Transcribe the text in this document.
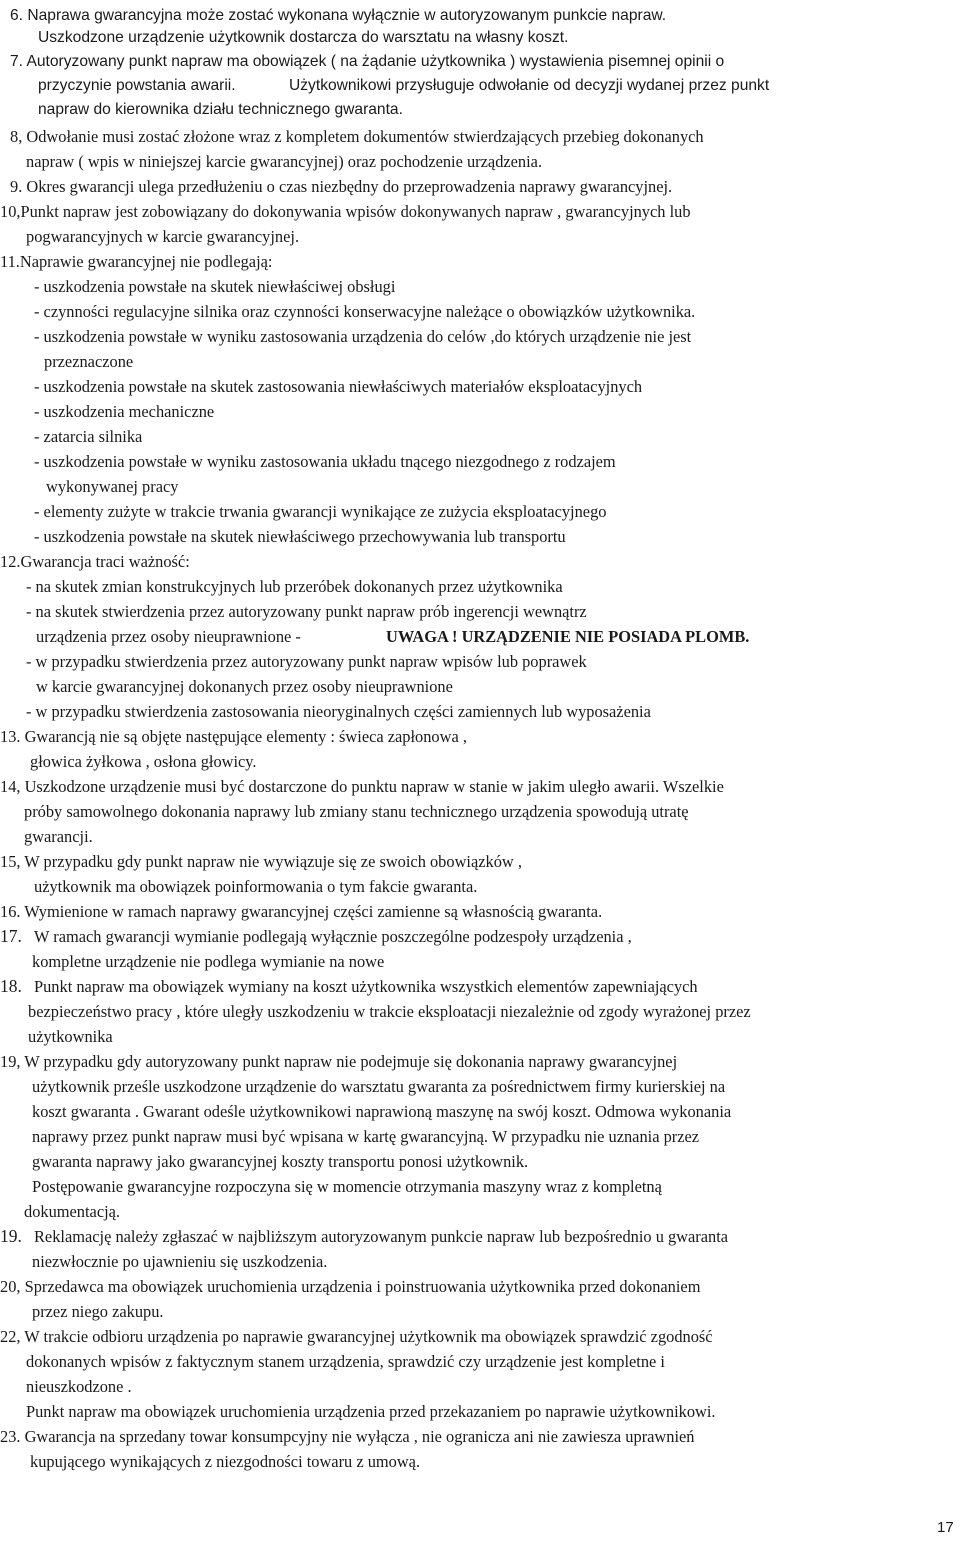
6. Naprawa gwarancyjna może zostać wykonana wyłącznie w autoryzowanym punkcie napraw.
Uszkodzone urządzenie użytkownik dostarcza do warsztatu na własny koszt.
7. Autoryzowany punkt napraw ma obowiązek ( na żądanie użytkownika ) wystawienia pisemnej opinii o
przyczynie powstania awarii.	Użytkownikowi przysługuje odwołanie od decyzji wydanej przez punkt
napraw do kierownika działu technicznego gwaranta.
8, Odwołanie musi zostać złożone wraz z kompletem dokumentów stwierdzających przebieg dokonanych
napraw ( wpis w niniejszej karcie gwarancyjnej) oraz pochodzenie urządzenia.
9. Okres gwarancji ulega przedłużeniu o czas niezbędny do przeprowadzenia naprawy gwarancyjnej.
10,Punkt napraw jest zobowiązany do dokonywania wpisów dokonywanych napraw , gwarancyjnych lub
pogwarancyjnych w karcie gwarancyjnej.
11.Naprawie gwarancyjnej nie podlegają:
- uszkodzenia powstałe na skutek niewłaściwej obsługi
- czynności regulacyjne silnika oraz czynności konserwacyjne należące o obowiązków użytkownika.
- uszkodzenia powstałe w wyniku zastosowania urządzenia do celów ,do których urządzenie nie jest
przeznaczone
- uszkodzenia powstałe na skutek zastosowania niewłaściwych materiałów eksploatacyjnych
- uszkodzenia mechaniczne
- zatarcia silnika
- uszkodzenia powstałe w wyniku zastosowania układu tnącego niezgodnego z rodzajem
wykonywanej pracy
- elementy zużyte w trakcie trwania gwarancji wynikające ze zużycia eksploatacyjnego
- uszkodzenia powstałe na skutek niewłaściwego przechowywania lub transportu
12.Gwarancja traci ważność:
- na skutek zmian konstrukcyjnych lub przeróbek dokonanych przez użytkownika
- na skutek stwierdzenia przez autoryzowany punkt napraw prób ingerencji wewnątrz
urządzenia przez osoby nieuprawnione -	UWAGA ! URZĄDZENIE NIE POSIADA PLOMB.
- w przypadku stwierdzenia przez autoryzowany punkt napraw wpisów lub poprawek
w karcie gwarancyjnej dokonanych przez osoby nieuprawnione
- w przypadku stwierdzenia zastosowania nieoryginalnych części zamiennych lub wyposażenia
13. Gwarancją nie są objęte następujące elementy : świeca zapłonowa ,
głowica żyłkowa , osłona głowicy.
14, Uszkodzone urządzenie musi być dostarczone do punktu napraw w stanie w jakim uległo awarii. Wszelkie
próby samowolnego dokonania naprawy lub zmiany stanu technicznego urządzenia spowodują utratę
gwarancji.
15, W przypadku gdy punkt napraw nie wywiązuje się ze swoich obowiązków ,
użytkownik ma obowiązek poinformowania o tym fakcie gwaranta.
16. Wymienione w ramach naprawy gwarancyjnej części zamienne są własnością gwaranta.
17. W ramach gwarancji wymianie podlegają wyłącznie poszczególne podzespoły urządzenia ,
kompletne urządzenie nie podlega wymianie na nowe
18. Punkt napraw ma obowiązek wymiany na koszt użytkownika wszystkich elementów zapewniających
bezpieczeństwo pracy , które uległy uszkodzeniu w trakcie eksploatacji niezależnie od zgody wyrażonej przez
użytkownika
19, W przypadku gdy autoryzowany punkt napraw nie podejmuje się dokonania naprawy gwarancyjnej
użytkownik prześle uszkodzone urządzenie do warsztatu gwaranta za pośrednictwem firmy kurierskiej na
koszt gwaranta . Gwarant odeśle użytkownikowi naprawioną maszynę na swój koszt. Odmowa wykonania
naprawy przez punkt napraw musi być wpisana w kartę gwarancyjną. W przypadku nie uznania przez
gwaranta naprawy jako gwarancyjnej koszty transportu ponosi użytkownik.
Postępowanie gwarancyjne rozpoczyna się w momencie otrzymania maszyny wraz z kompletną
dokumentacją.
19. Reklamację należy zgłaszać w najbliższym autoryzowanym punkcie napraw lub bezpośrednio u gwaranta
niezwłocznie po ujawnieniu się uszkodzenia.
20, Sprzedawca ma obowiązek uruchomienia urządzenia i poinstruowania użytkownika przed dokonaniem
przez niego zakupu.
22, W trakcie odbioru urządzenia po naprawie gwarancyjnej użytkownik ma obowiązek sprawdzić zgodność
dokonanych wpisów z faktycznym stanem urządzenia, sprawdzić czy urządzenie jest kompletne i
nieuszkodzone .
Punkt napraw ma obowiązek uruchomienia urządzenia przed przekazaniem po naprawie użytkownikowi.
23. Gwarancja na sprzedany towar konsumpcyjny nie wyłącza , nie ogranicza ani nie zawiesza uprawnień
kupującego wynikających z niezgodności towaru z umową.
17
